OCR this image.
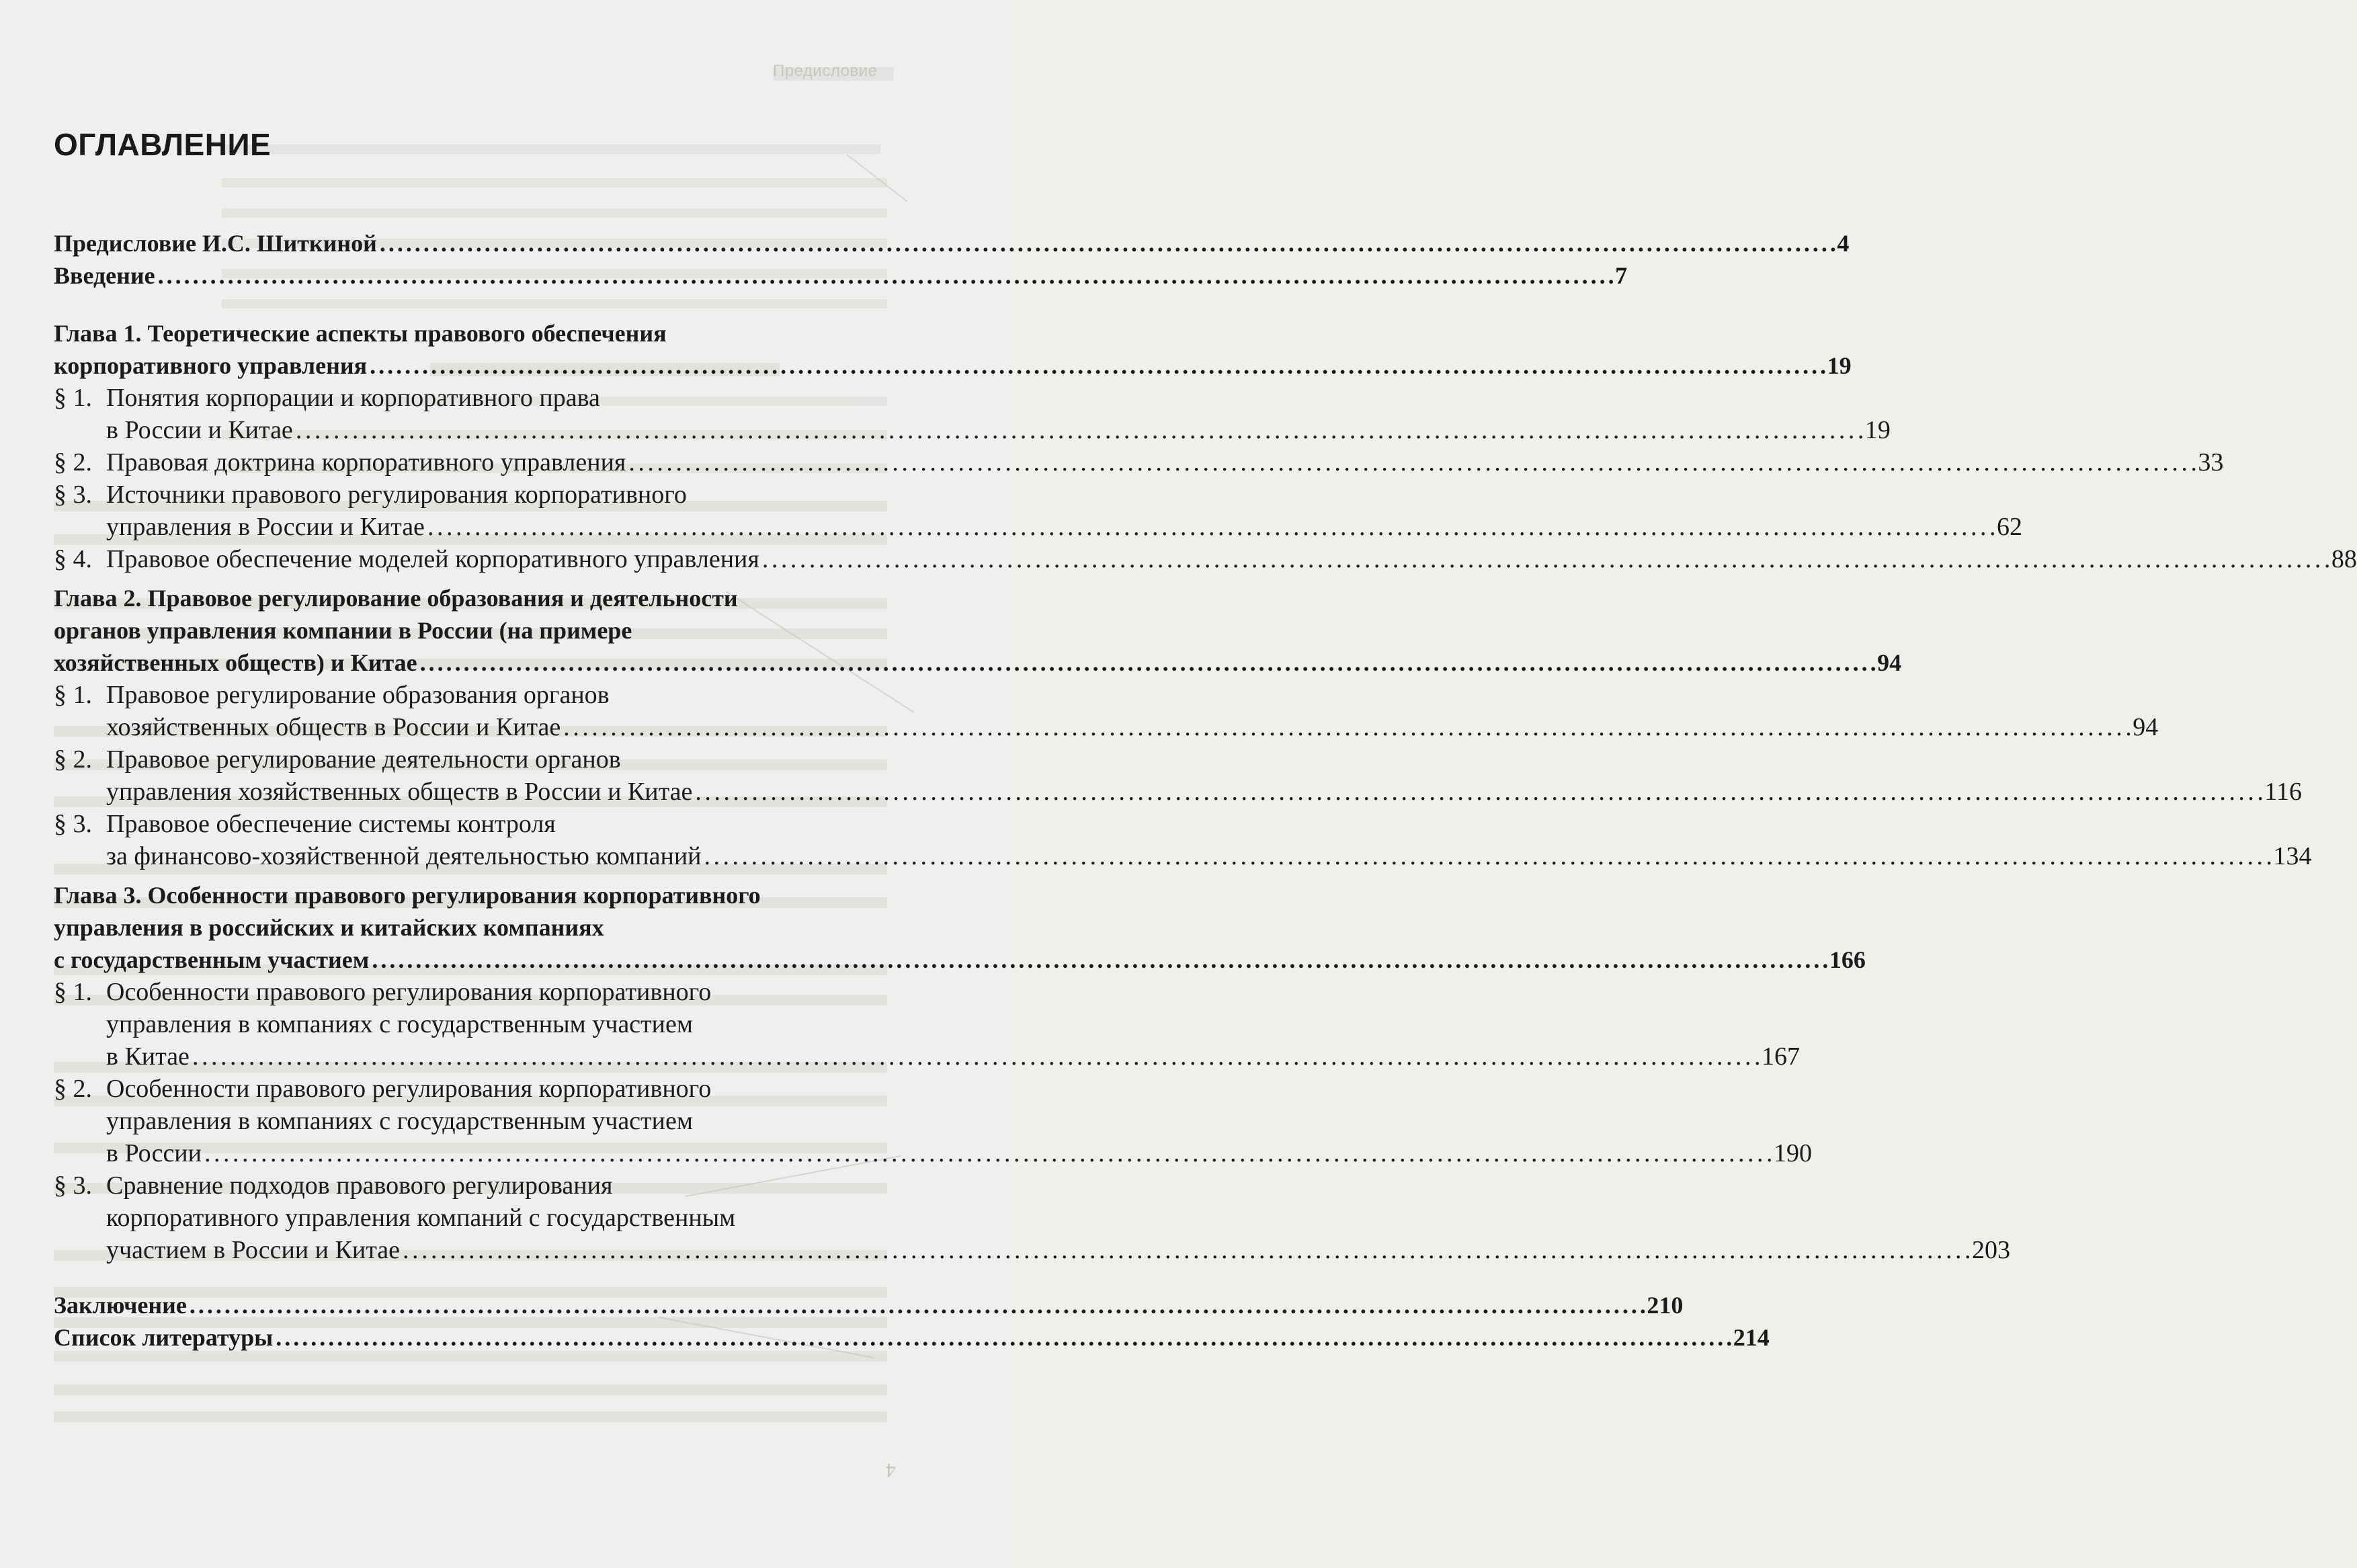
ОГЛАВЛЕНИЕ
Предисловие И.С. Шиткиной . . .	4
Введение . . .	7
Глава 1. Теоретические аспекты правового обеспечения
корпоративного управления . . .	19
§ 1. Понятия корпорации и корпоративного права
в России и Китае . . .	19
§ 2. Правовая доктрина корпоративного управления . . .	33
§ 3. Источники правового регулирования корпоративного
управления в России и Китае . . .	62
§ 4. Правовое обеспечение моделей корпоративного управления . . .	88
Глава 2. Правовое регулирование образования и деятельности
органов управления компании в России (на примере
хозяйственных обществ) и Китае . . .	94
§ 1. Правовое регулирование образования органов
хозяйственных обществ в России и Китае . . .	94
§ 2. Правовое регулирование деятельности органов
управления хозяйственных обществ в России и Китае . . .	116
§ 3. Правовое обеспечение системы контроля
за финансово-хозяйственной деятельностью компаний . . .	134
Глава 3. Особенности правового регулирования корпоративного
управления в российских и китайских компаниях
с государственным участием . . .	166
§ 1. Особенности правового регулирования корпоративного
управления в компаниях с государственным участием
в Китае . . .	167
§ 2. Особенности правового регулирования корпоративного
управления в компаниях с государственным участием
в России . . .	190
§ 3. Сравнение подходов правового регулирования
корпоративного управления компаний с государственным
участием в России и Китае . . .	203
Заключение . . .	210
Список литературы . . .	214
Предисловие
4
